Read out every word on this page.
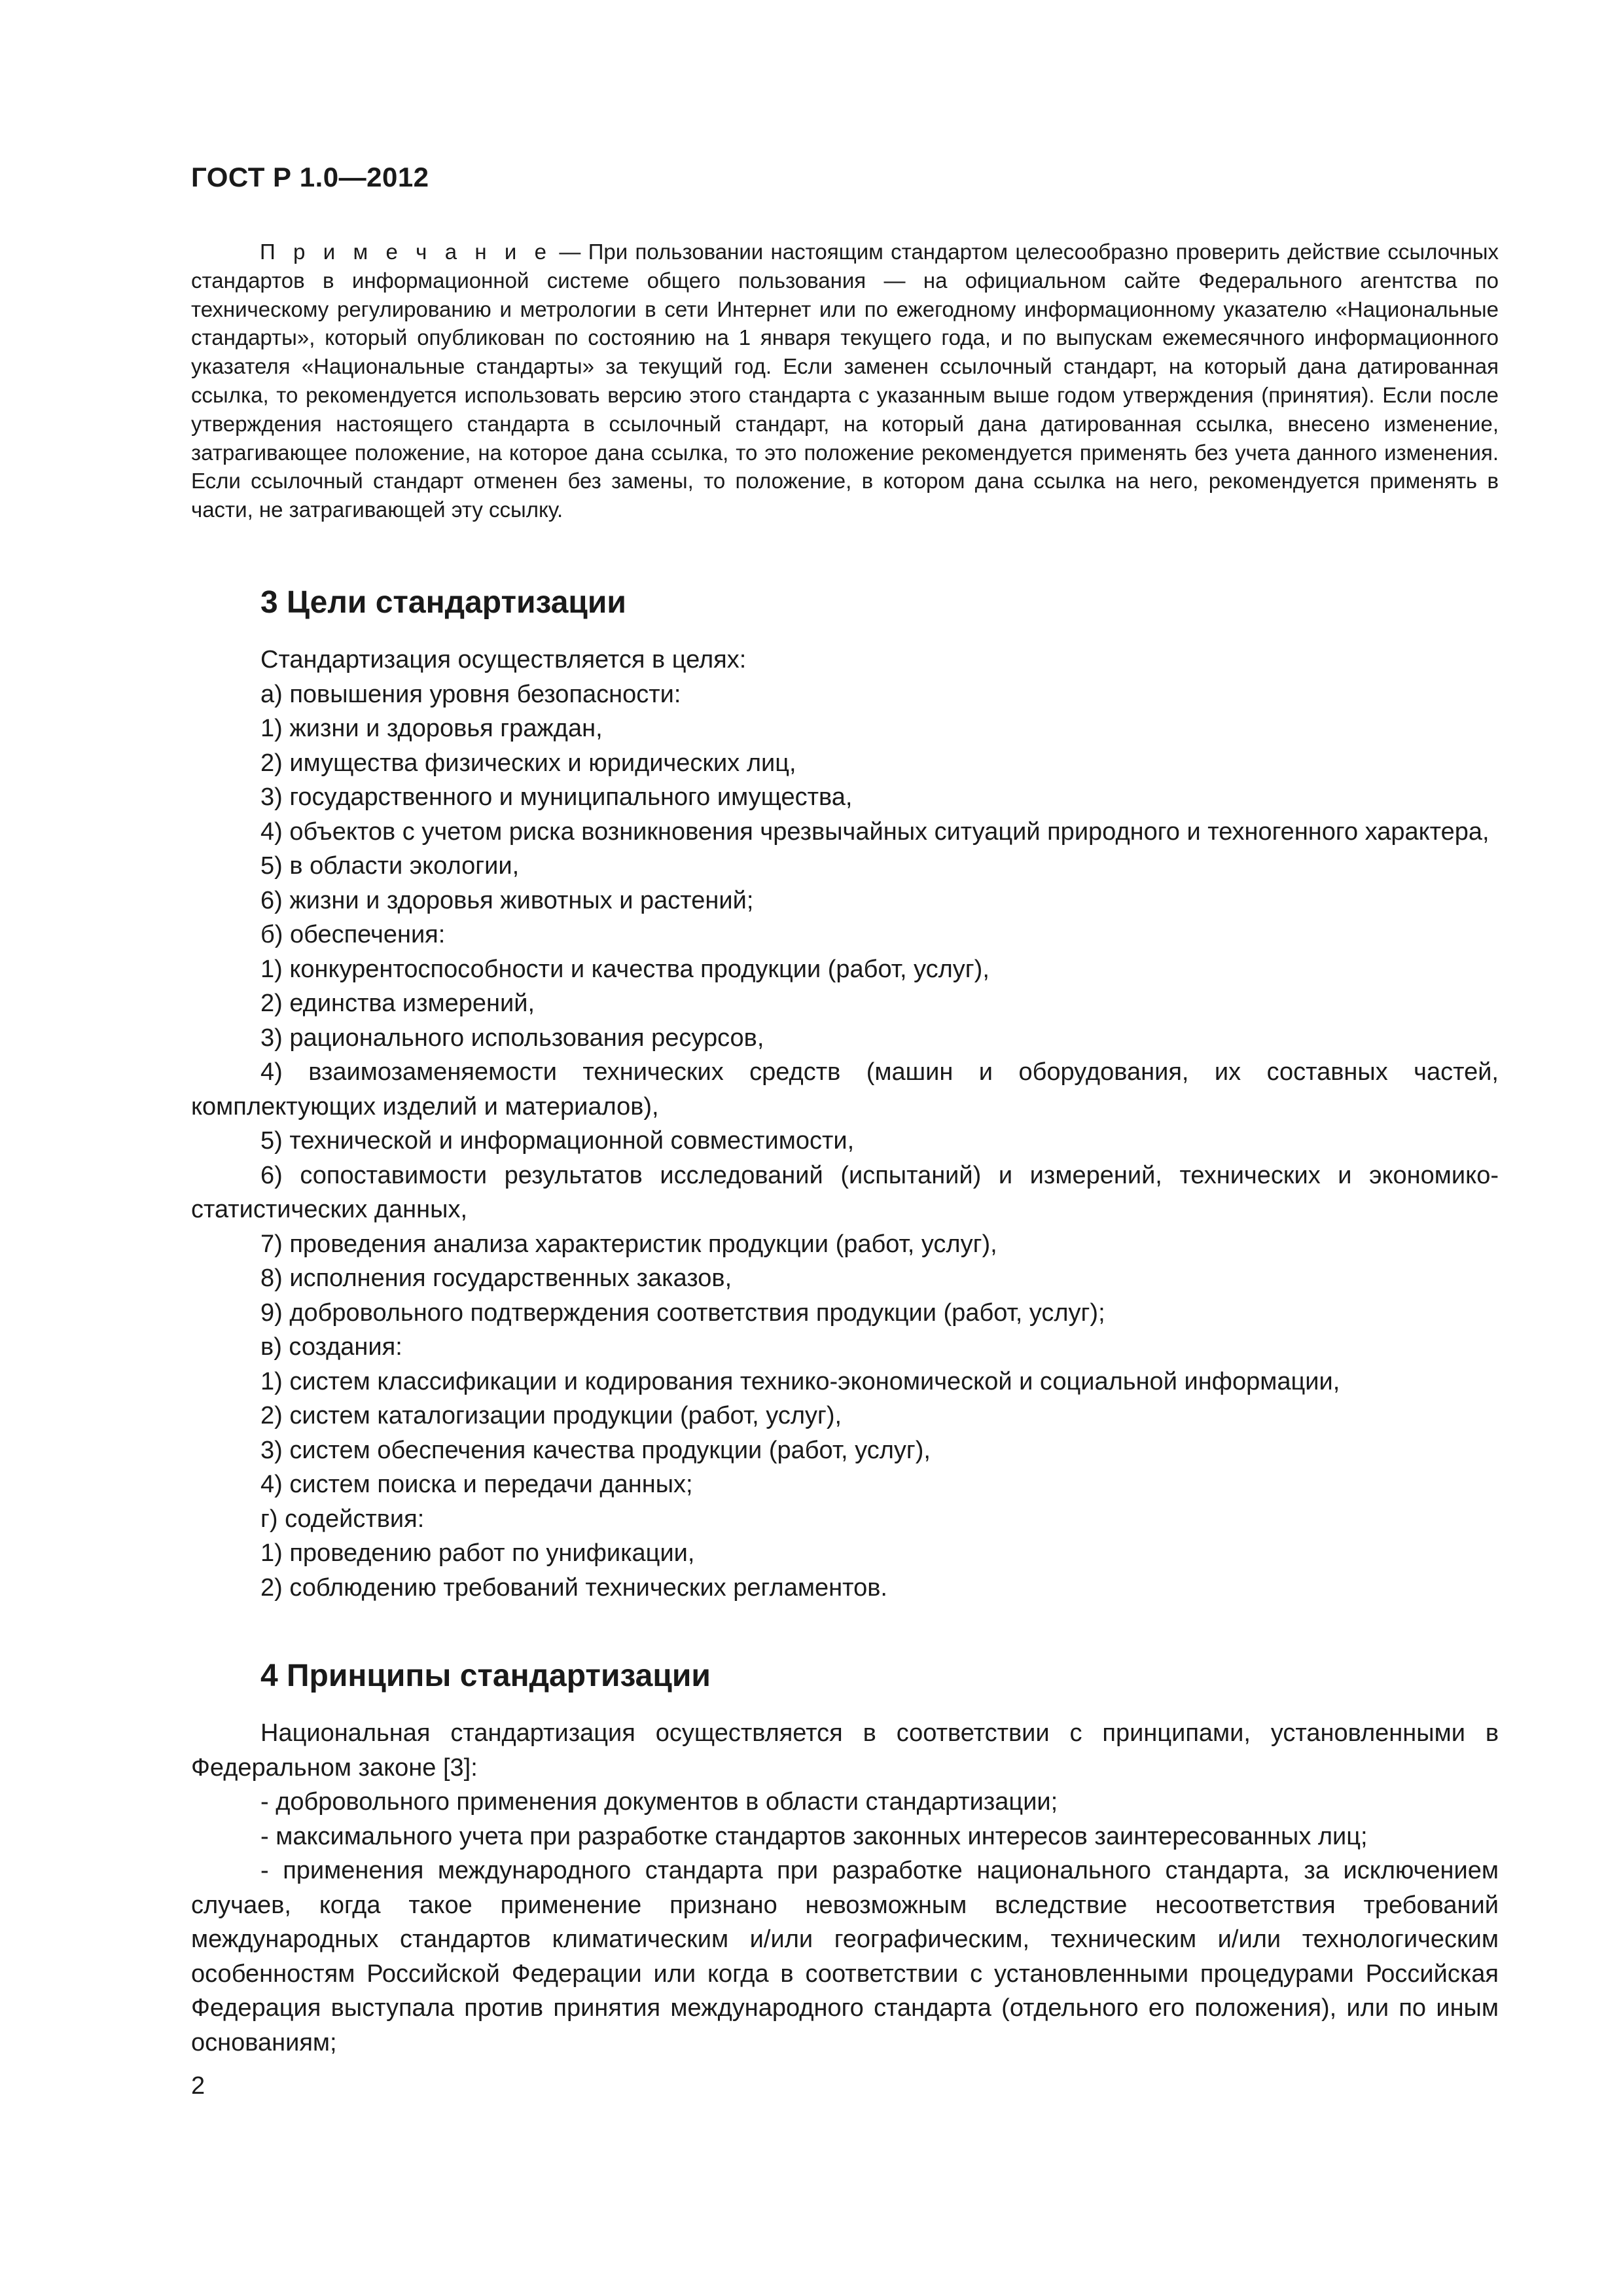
ГОСТ Р 1.0—2012
П р и м е ч а н и е — При пользовании настоящим стандартом целесообразно проверить действие ссылочных стандартов в информационной системе общего пользования — на официальном сайте Федерального агентства по техническому регулированию и метрологии в сети Интернет или по ежегодному информационному указателю «Национальные стандарты», который опубликован по состоянию на 1 января текущего года, и по выпускам ежемесячного информационного указателя «Национальные стандарты» за текущий год. Если заменен ссылочный стандарт, на который дана датированная ссылка, то рекомендуется использовать версию этого стандарта с указанным выше годом утверждения (принятия). Если после утверждения настоящего стандарта в ссылочный стандарт, на который дана датированная ссылка, внесено изменение, затрагивающее положение, на которое дана ссылка, то это положение рекомендуется применять без учета данного изменения. Если ссылочный стандарт отменен без замены, то положение, в котором дана ссылка на него, рекомендуется применять в части, не затрагивающей эту ссылку.
3 Цели стандартизации

Стандартизация осуществляется в целях:

а) повышения уровня безопасности:

1) жизни и здоровья граждан,

2) имущества физических и юридических лиц,

3) государственного и муниципального имущества,

4) объектов с учетом риска возникновения чрезвычайных ситуаций природного и техногенного характера,

5) в области экологии,

6) жизни и здоровья животных и растений;

б) обеспечения:

1) конкурентоспособности и качества продукции (работ, услуг),

2) единства измерений,

3) рационального использования ресурсов,

4) взаимозаменяемости технических средств (машин и оборудования, их составных частей, комплектующих изделий и материалов),

5) технической и информационной совместимости,

6) сопоставимости результатов исследований (испытаний) и измерений, технических и экономико-статистических данных,

7) проведения анализа характеристик продукции (работ, услуг),

8) исполнения государственных заказов,

9) добровольного подтверждения соответствия продукции (работ, услуг);

в) создания:

1) систем классификации и кодирования технико-экономической и социальной информации,

2) систем каталогизации продукции (работ, услуг),

3) систем обеспечения качества продукции (работ, услуг),

4) систем поиска и передачи данных;

г) содействия:

1) проведению работ по унификации,

2) соблюдению требований технических регламентов.

4 Принципы стандартизации

Национальная стандартизация осуществляется в соответствии с принципами, установленными в Федеральном законе [3]:

- добровольного применения документов в области стандартизации;

- максимального учета при разработке стандартов законных интересов заинтересованных лиц;

- применения международного стандарта при разработке национального стандарта, за исключением случаев, когда такое применение признано невозможным вследствие несоответствия требований международных стандартов климатическим и/или географическим, техническим и/или технологическим особенностям Российской Федерации или когда в соответствии с установленными процедурами Российская Федерация выступала против принятия международного стандарта (отдельного его положения), или по иным основаниям;

2
